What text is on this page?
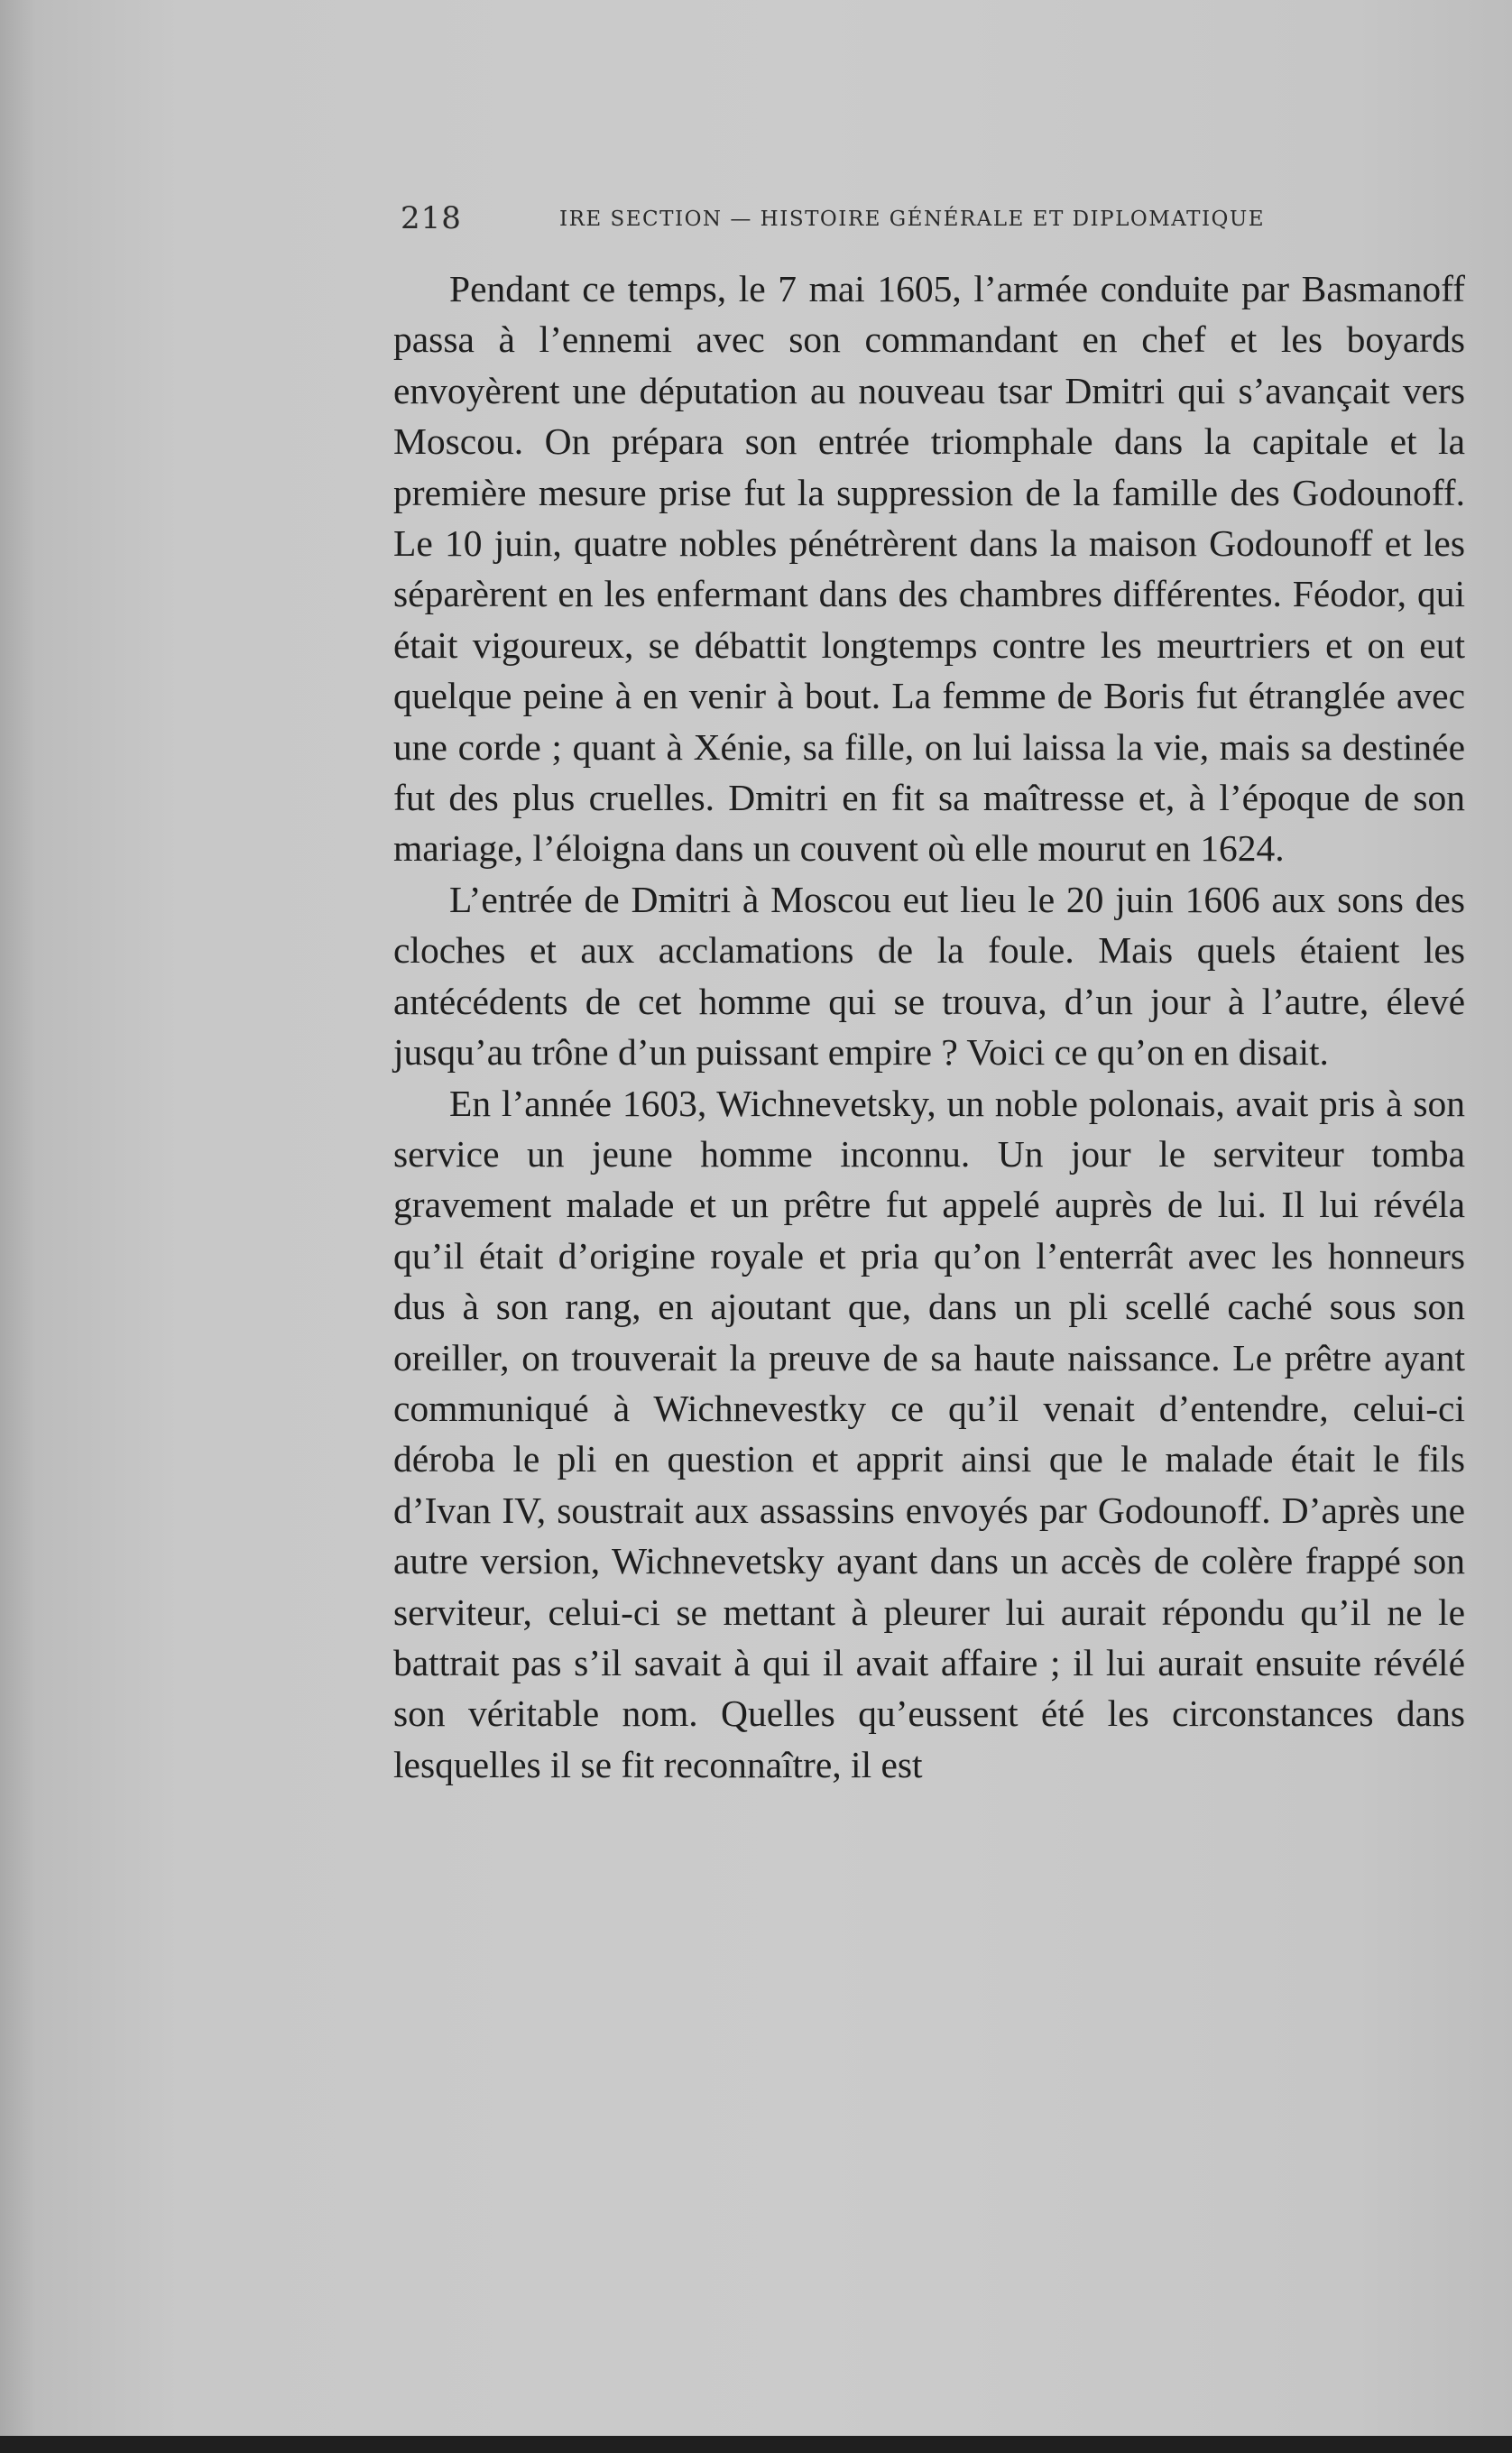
218	IRE SECTION — HISTOIRE GÉNÉRALE ET DIPLOMATIQUE

Pendant ce temps, le 7 mai 1605, l’armée conduite par Basmanoff passa à l’ennemi avec son commandant en chef et les boyards envoyèrent une députation au nouveau tsar Dmitri qui s’avançait vers Moscou. On prépara son entrée triomphale dans la capitale et la première mesure prise fut la suppression de la famille des Godounoff. Le 10 juin, quatre nobles pénétrèrent dans la maison Godounoff et les séparèrent en les enfermant dans des chambres différentes. Féodor, qui était vigoureux, se débattit longtemps contre les meurtriers et on eut quelque peine à en venir à bout. La femme de Boris fut étranglée avec une corde ; quant à Xénie, sa fille, on lui laissa la vie, mais sa destinée fut des plus cruelles. Dmitri en fit sa maîtresse et, à l’époque de son mariage, l’éloigna dans un couvent où elle mourut en 1624.

L’entrée de Dmitri à Moscou eut lieu le 20 juin 1606 aux sons des cloches et aux acclamations de la foule. Mais quels étaient les antécédents de cet homme qui se trouva, d’un jour à l’autre, élevé jusqu’au trône d’un puissant empire ? Voici ce qu’on en disait.

En l’année 1603, Wichnevetsky, un noble polonais, avait pris à son service un jeune homme inconnu. Un jour le serviteur tomba gravement malade et un prêtre fut appelé auprès de lui. Il lui révéla qu’il était d’origine royale et pria qu’on l’enterrât avec les honneurs dus à son rang, en ajoutant que, dans un pli scellé caché sous son oreiller, on trouverait la preuve de sa haute naissance. Le prêtre ayant communiqué à Wichnevestky ce qu’il venait d’entendre, celui-ci déroba le pli en question et apprit ainsi que le malade était le fils d’Ivan IV, soustrait aux assassins envoyés par Godounoff. D’après une autre version, Wichnevetsky ayant dans un accès de colère frappé son serviteur, celui-ci se mettant à pleurer lui aurait répondu qu’il ne le battrait pas s’il savait à qui il avait affaire ; il lui aurait ensuite révélé son véritable nom. Quelles qu’eussent été les circonstances dans lesquelles il se fit reconnaître, il est
